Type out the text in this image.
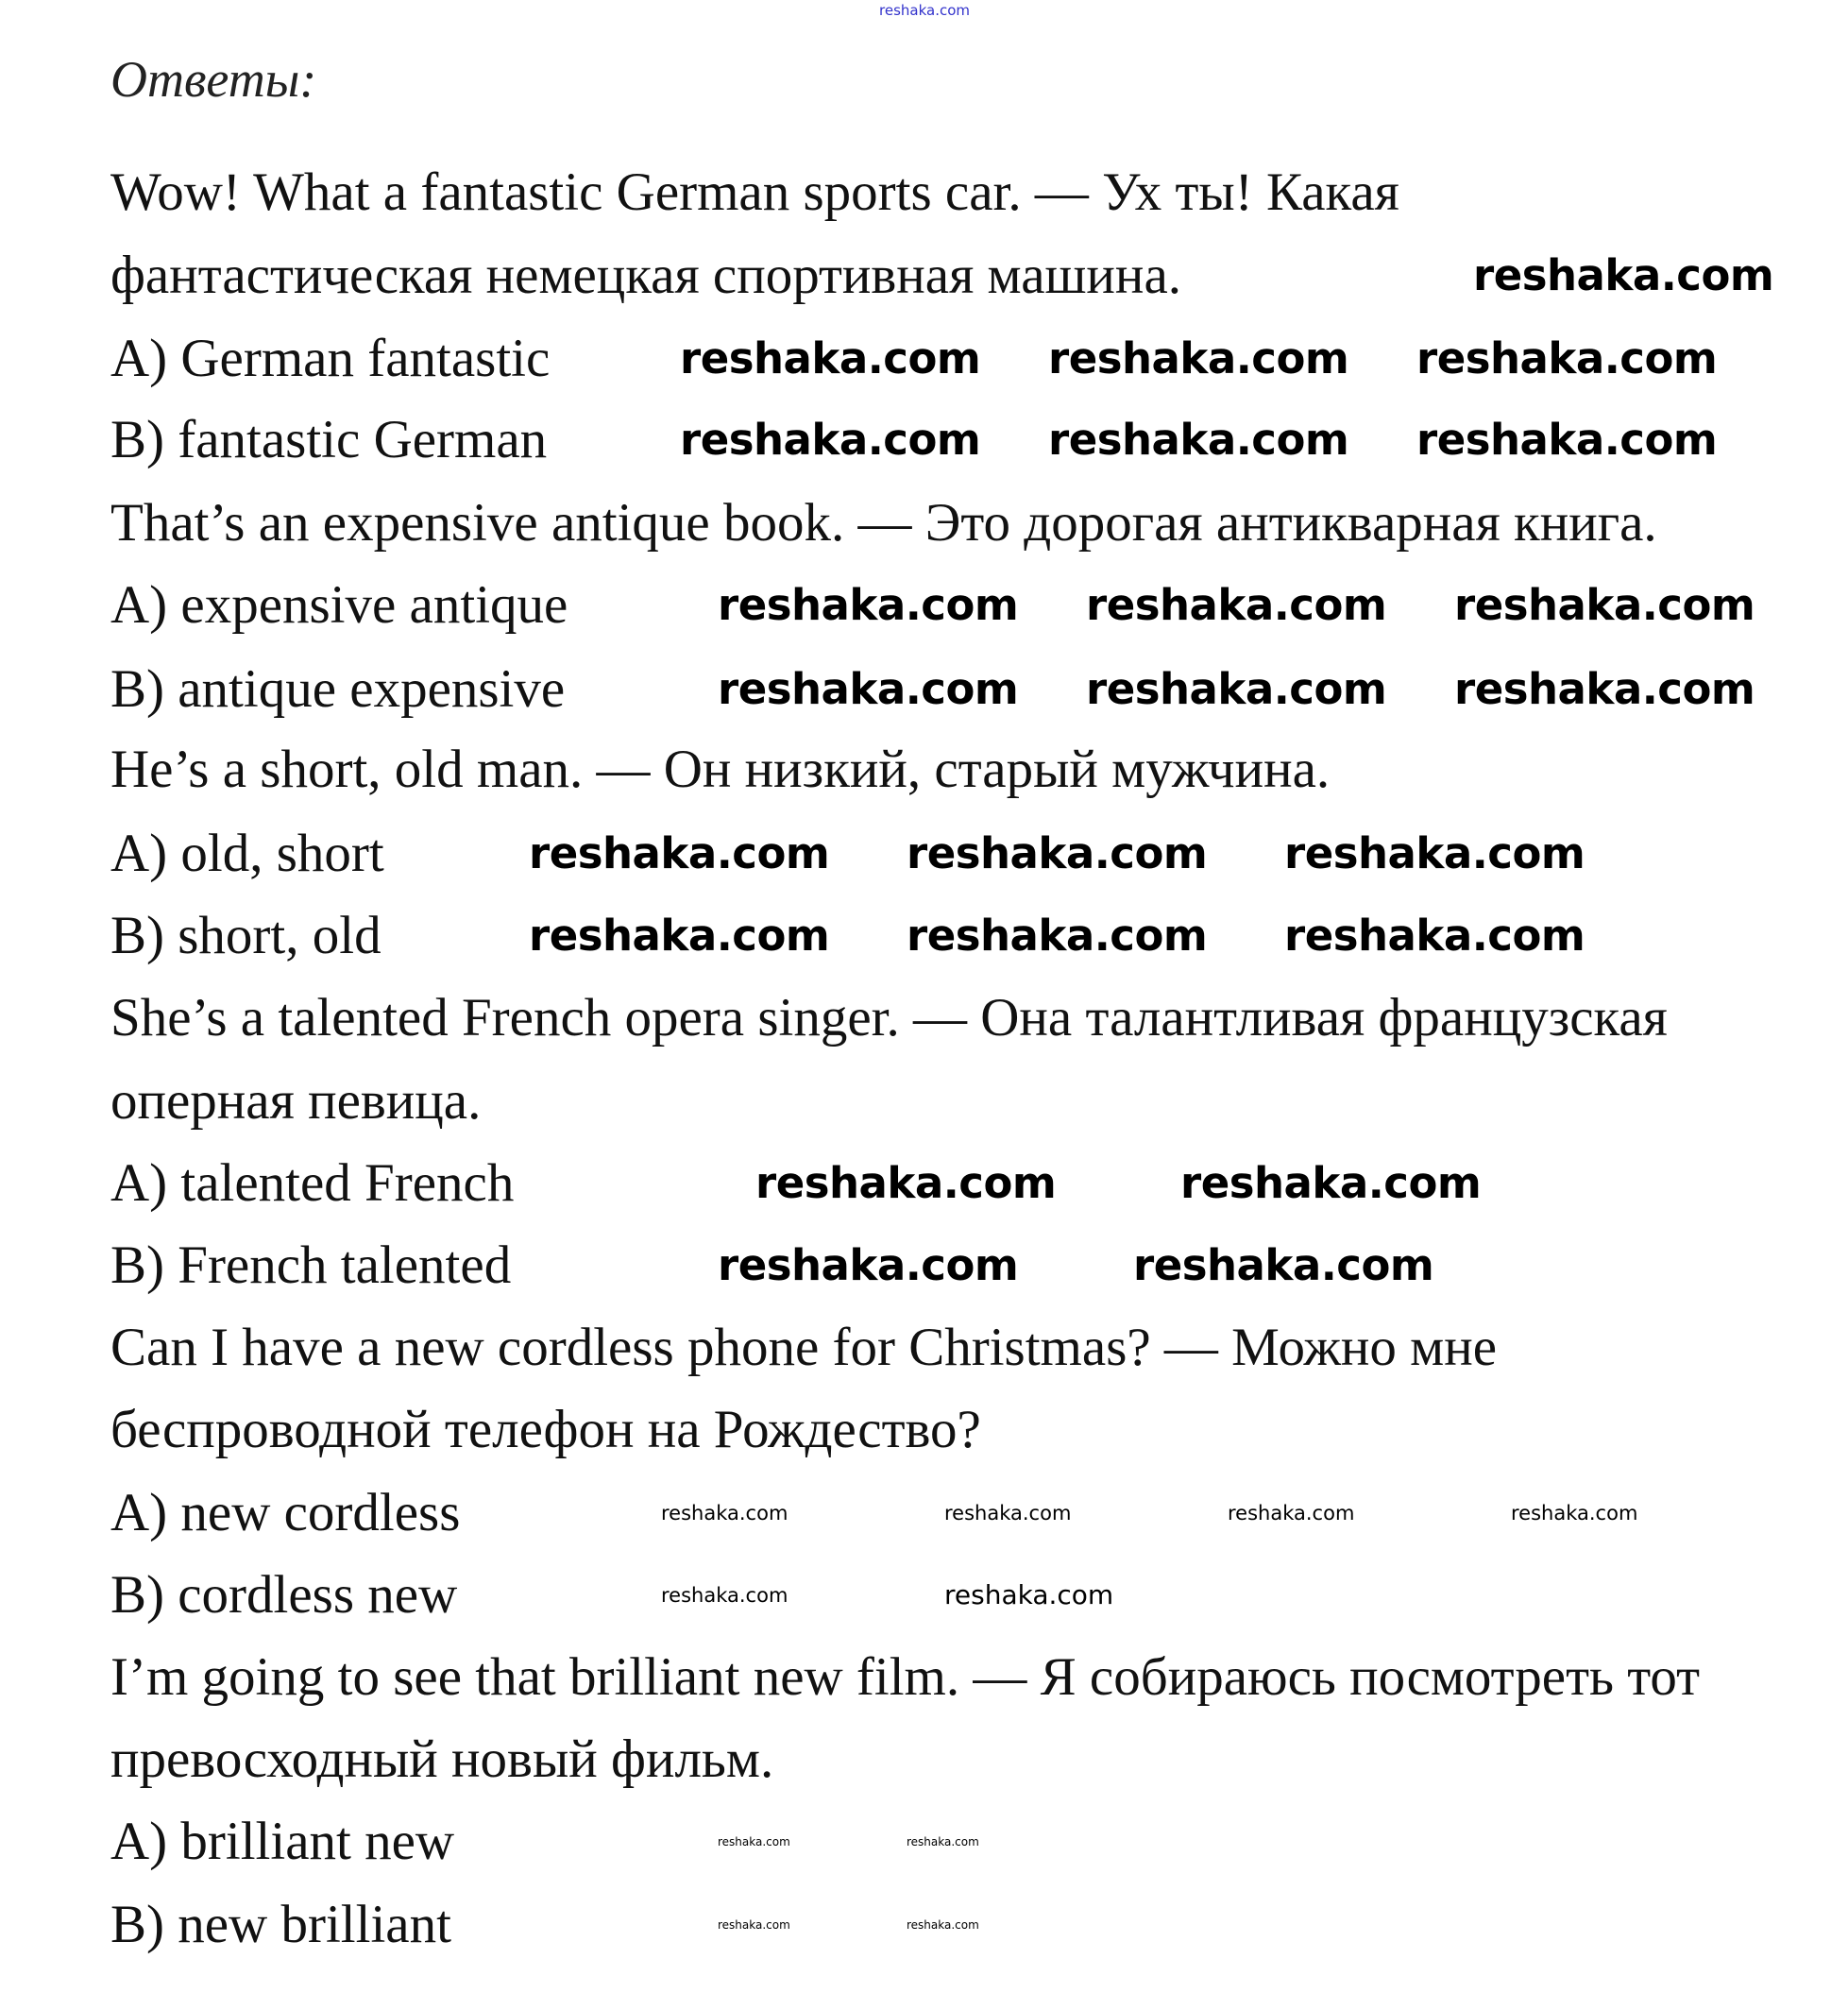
reshaka.com
Ответы:
Wow! What a fantastic German sports car. — Ух ты! Какая
фантастическая немецкая спортивная машина.
A) German fantastic
B) fantastic German
That’s an expensive antique book. — Это дорогая антикварная книга.
A) expensive antique
B) antique expensive
He’s a short, old man. — Он низкий, старый мужчина.
A) old, short
B) short, old
She’s a talented French opera singer. — Она талантливая французская
оперная певица.
A) talented French
B) French talented
Can I have a new cordless phone for Christmas? — Можно мне
беспроводной телефон на Рождество?
A) new cordless
B) cordless new
I’m going to see that brilliant new film. — Я собираюсь посмотреть тот
превосходный новый фильм.
A) brilliant new
B) new brilliant
reshaka.com
reshaka.com reshaka.com reshaka.com
reshaka.com reshaka.com reshaka.com
reshaka.com reshaka.com reshaka.com
reshaka.com reshaka.com reshaka.com
reshaka.com reshaka.com reshaka.com
reshaka.com reshaka.com reshaka.com
reshaka.com	reshaka.com
reshaka.com	reshaka.com
reshaka.com	reshaka.com	reshaka.com	reshaka.com
reshaka.com	reshaka.com
reshaka.com	reshaka.com
reshaka.com	reshaka.com
